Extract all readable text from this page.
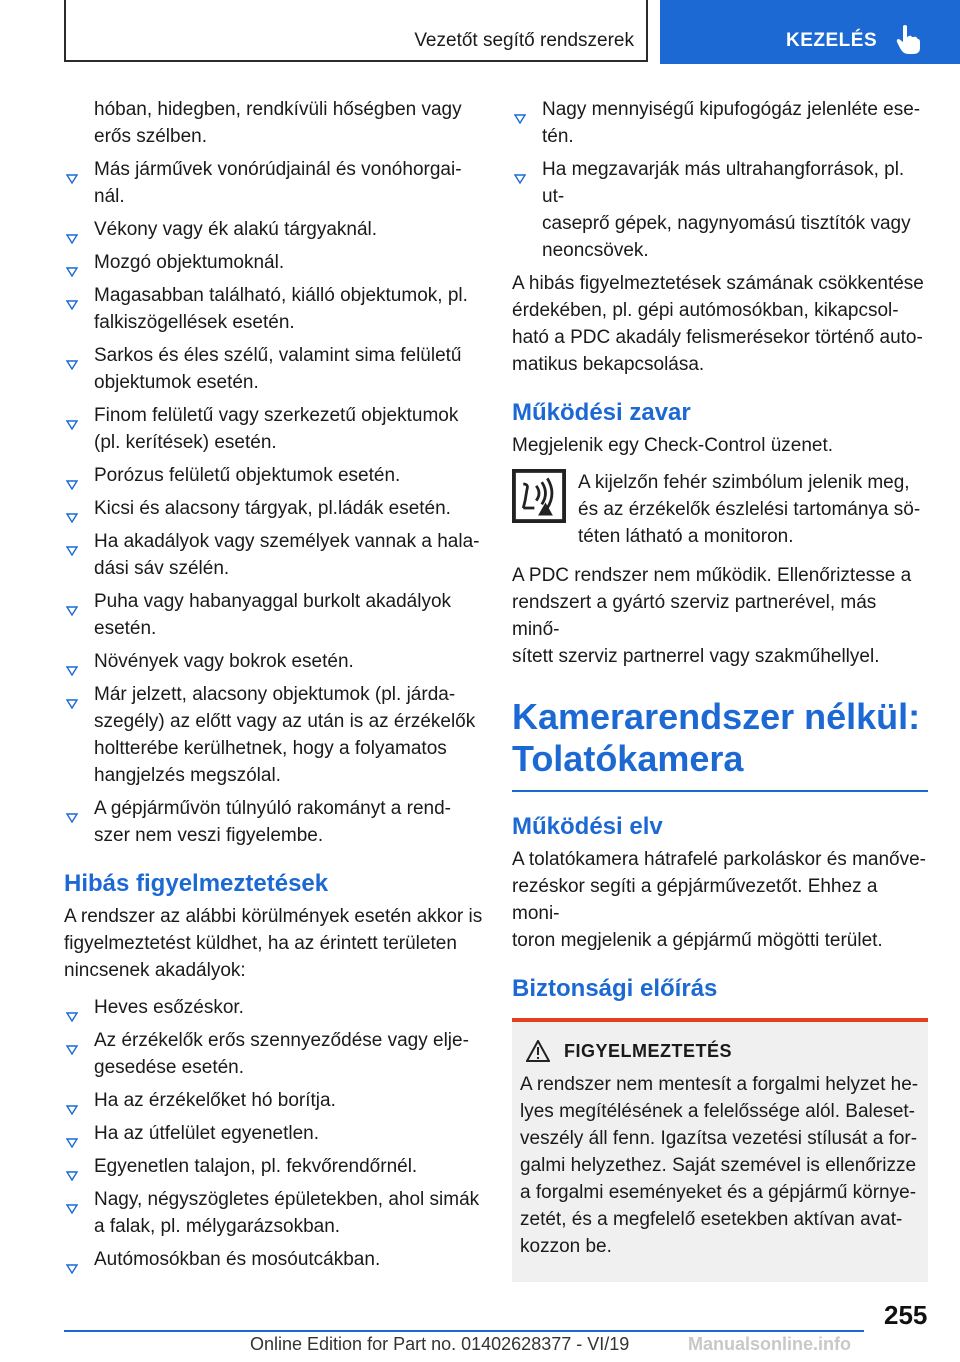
Vezetőt segítő rendszerek	KEZELÉS
hóban, hidegben, rendkívüli hőségben vagy
erős szélben.
Más járművek vonórúdjainál és vonóhorgai-
nál.
Vékony vagy ék alakú tárgyaknál.
Mozgó objektumoknál.
Magasabban található, kiálló objektumok, pl.
falkiszögellések esetén.
Sarkos és éles szélű, valamint sima felületű
objektumok esetén.
Finom felületű vagy szerkezetű objektumok
(pl. kerítések) esetén.
Porózus felületű objektumok esetén.
Kicsi és alacsony tárgyak, pl.ládák esetén.
Ha akadályok vagy személyek vannak a hala-
dási sáv szélén.
Puha vagy habanyaggal burkolt akadályok
esetén.
Növények vagy bokrok esetén.
Már jelzett, alacsony objektumok (pl. járda-
szegély) az előtt vagy az után is az érzékelők
holtterébe kerülhetnek, hogy a folyamatos
hangjelzés megszólal.
A gépjárművön túlnyúló rakományt a rend-
szer nem veszi figyelembe.
Hibás figyelmeztetések
A rendszer az alábbi körülmények esetén akkor is
figyelmeztetést küldhet, ha az érintett területen
nincsenek akadályok:
Heves esőzéskor.
Az érzékelők erős szennyeződése vagy elje-
gesedése esetén.
Ha az érzékelőket hó borítja.
Ha az útfelület egyenetlen.
Egyenetlen talajon, pl. fekvőrendőrnél.
Nagy, négyszögletes épületekben, ahol simák
a falak, pl. mélygarázsokban.
Autómosókban és mosóutcákban.
Nagy mennyiségű kipufogógáz jelenléte ese-
tén.
Ha megzavarják más ultrahangforrások, pl. ut-
caseprő gépek, nagynyomású tisztítók vagy
neoncsövek.
A hibás figyelmeztetések számának csökkentése
érdekében, pl. gépi autómosókban, kikapcsol-
ható a PDC akadály felismerésekor történő auto-
matikus bekapcsolása.
Működési zavar
Megjelenik egy Check-Control üzenet.
A kijelzőn fehér szimbólum jelenik meg,
és az érzékelők észlelési tartománya sö-
téten látható a monitoron.
A PDC rendszer nem működik. Ellenőriztesse a
rendszert a gyártó szerviz partnerével, más minő-
sített szerviz partnerrel vagy szakműhellyel.
Kamerarendszer nélkül:
Tolatókamera
Működési elv
A tolatókamera hátrafelé parkoláskor és manőve-
rezéskor segíti a gépjárművezetőt. Ehhez a moni-
toron megjelenik a gépjármű mögötti terület.
Biztonsági előírás
FIGYELMEZTETÉS
A rendszer nem mentesít a forgalmi helyzet he-
lyes megítélésének a felelőssége alól. Baleset-
veszély áll fenn. Igazítsa vezetési stílusát a for-
galmi helyzethez. Saját szemével is ellenőrizze
a forgalmi eseményeket és a gépjármű környe-
zetét, és a megfelelő esetekben aktívan avat-
kozzon be.
255
Online Edition for Part no. 01402628377 - VI/19	Manualsonline.info
